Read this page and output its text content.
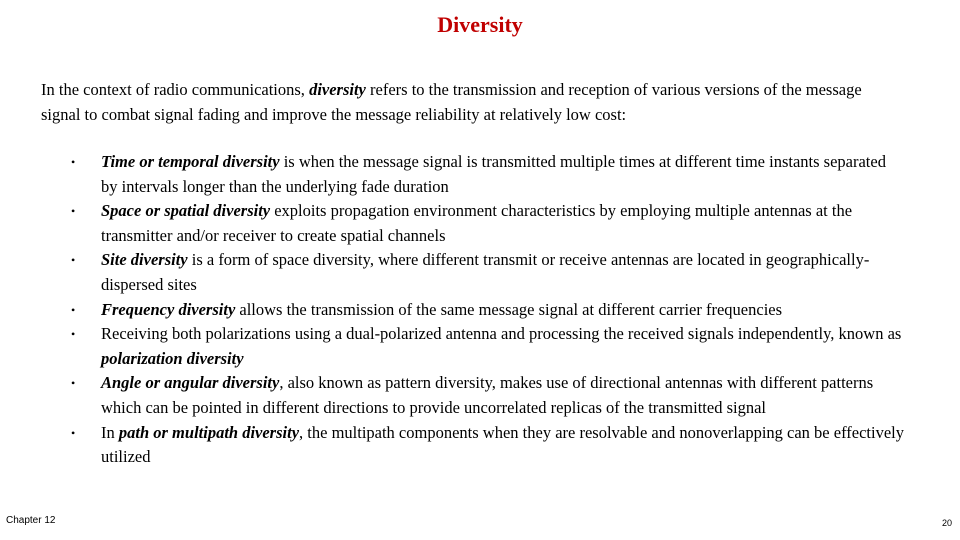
Diversity

In the context of radio communications, diversity refers to the transmission and reception of various versions of the message signal to combat signal fading and improve the message reliability at relatively low cost:

• Time or temporal diversity is when the message signal is transmitted multiple times at different time instants separated by intervals longer than the underlying fade duration
• Space or spatial diversity exploits propagation environment characteristics by employing multiple antennas at the transmitter and/or receiver to create spatial channels
• Site diversity is a form of space diversity, where different transmit or receive antennas are located in geographically-dispersed sites
• Frequency diversity allows the transmission of the same message signal at different carrier frequencies
• Receiving both polarizations using a dual-polarized antenna and processing the received signals independently, known as polarization diversity
• Angle or angular diversity, also known as pattern diversity, makes use of directional antennas with different patterns which can be pointed in different directions to provide uncorrelated replicas of the transmitted signal
• In path or multipath diversity, the multipath components when they are resolvable and nonoverlapping can be effectively utilized
Chapter 12	20
